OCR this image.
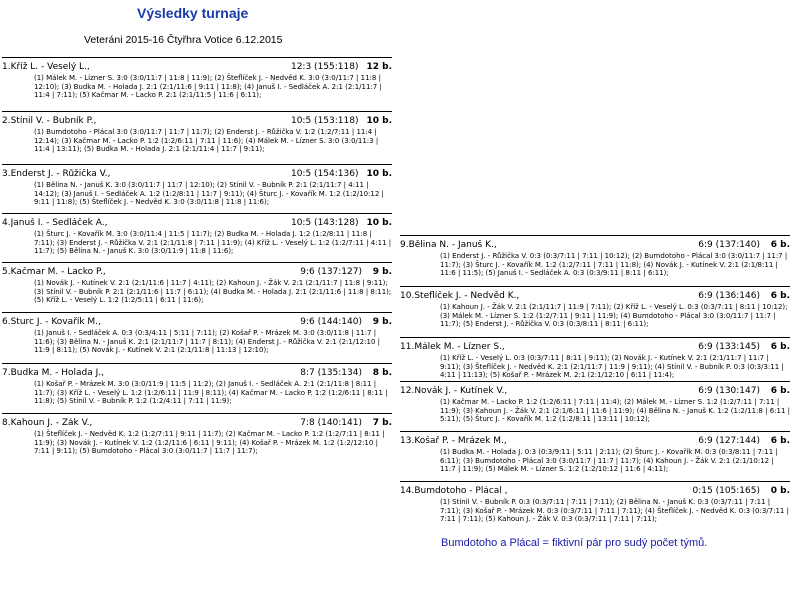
Výsledky turnaje

Veteráni 2015-16 Čtyřhra Votice 6.12.2015

1. Kříž L. - Veselý L.,	12:3 (155:118) 12 b.
(1) Málek M. - Lízner S. 3:0 (3:0/11:7 | 11:8 | 11:9); (2) Šteflíček J. - Nedvěd K. 3:0 (3:0/11:7 | 11:8 | 12:10); (3) Budka M. - Holada J. 2:1 (2:1/11:6 | 9:11 | 11:8); (4) Januš I. - Sedláček A. 2:1 (2:1/11:7 | 11:4 | 7:11); (5) Kačmar M. - Lacko P. 2:1 (2:1/11:5 | 11:6 | 6:11);
2. Stínil V. - Bubník P.,	10:5 (153:118) 10 b.
(1) Bumdotoho - Plácal 3:0 (3:0/11:7 | 11:7 | 11:7); (2) Enderst J. - Růžička V. 1:2 (1:2/7:11 | 11:4 | 12:14); (3) Kačmar M. - Lacko P. 1:2 (1:2/6:11 | 7:11 | 11:6); (4) Málek M. - Lízner S. 3:0 (3:0/11:3 | 11:4 | 13:11); (5) Budka M. - Holada J. 2:1 (2:1/11:4 | 11:7 | 9:11);
3. Enderst J. - Růžička V.,	10:5 (154:136) 10 b.
(1) Bělina N. - Januš K. 3:0 (3:0/11:7 | 11:7 | 12:10); (2) Stínil V. - Bubník P. 2:1 (2:1/11:7 | 4:11 | 14:12); (3) Januš I. - Sedláček A. 1:2 (1:2/8:11 | 11:7 | 9:11); (4) Šturc J. - Kovařík M. 1:2 (1:2/10:12 | 9:11 | 11:8); (5) Šteflíček J. - Nedvěd K. 3:0 (3:0/11:8 | 11:8 | 11:6);
4. Januš I. - Sedláček A.,	10:5 (143:128) 10 b.
(1) Šturc J. - Kovařík M. 3:0 (3:0/11:4 | 11:5 | 11:7); (2) Budka M. - Holada J. 1:2 (1:2/8:11 | 11:8 | 7:11); (3) Enderst J. - Růžička V. 2:1 (2:1/11:8 | 7:11 | 11:9); (4) Kříž L. - Veselý L. 1:2 (1:2/7:11 | 4:11 | 11:7); (5) Bělina N. - Januš K. 3:0 (3:0/11:9 | 11:8 | 11:6);
5. Kačmar M. - Lacko P.,	9:6 (137:127)	9 b.
(1) Novák J. - Kutínek V. 2:1 (2:1/11:6 | 11:7 | 4:11); (2) Kahoun J. - Žák V. 2:1 (2:1/11:7 | 11:8 | 9:11); (3) Stínil V. - Bubník P. 2:1 (2:1/11:6 | 11:7 | 6:11); (4) Budka M. - Holada J. 2:1 (2:1/11:6 | 11:8 | 8:11); (5) Kříž L. - Veselý L. 1:2 (1:2/5:11 | 6:11 | 11:6);
6. Šturc J. - Kovařík M.,	9:6 (144:140)	9 b.
(1) Januš I. - Sedláček A. 0:3 (0:3/4:11 | 5:11 | 7:11); (2) Košař P. - Mrázek M. 3:0 (3:0/11:8 | 11:7 | 11:6); (3) Bělina N. - Januš K. 2:1 (2:1/11:7 | 11:7 | 8:11); (4) Enderst J. - Růžička V. 2:1 (2:1/12:10 | 11:9 | 8:11); (5) Novák J. - Kutínek V. 2:1 (2:1/11:8 | 11:13 | 12:10);
7. Budka M. - Holada J.,	8:7 (135:134)	8 b.
(1) Košař P. - Mrázek M. 3:0 (3:0/11:9 | 11:5 | 11:2); (2) Januš I. - Sedláček A. 2:1 (2:1/11:8 | 8:11 | 11:7); (3) Kříž L. - Veselý L. 1:2 (1:2/6:11 | 11:9 | 8:11); (4) Kačmar M. - Lacko P. 1:2 (1:2/6:11 | 8:11 | 11:8); (5) Stínil V. - Bubník P. 1:2 (1:2/4:11 | 7:11 | 11:9);
8. Kahoun J. - Žák V.,	7:8 (140:141)	7 b.
(1) Šteflíček J. - Nedvěd K. 1:2 (1:2/7:11 | 9:11 | 11:7); (2) Kačmar M. - Lacko P. 1:2 (1:2/7:11 | 8:11 | 11:9); (3) Novák J. - Kutínek V. 1:2 (1:2/11:6 | 6:11 | 9:11); (4) Košař P. - Mrázek M. 1:2 (1:2/12:10 | 7:11 | 9:11); (5) Bumdotoho - Plácal 3:0 (3:0/11:7 | 11:7 | 11:7);
9. Bělina N. - Januš K.,	6:9 (137:140)	6 b.
(1) Enderst J. - Růžička V. 0:3 (0:3/7:11 | 7:11 | 10:12); (2) Bumdotoho - Plácal 3:0 (3:0/11:7 | 11:7 | 11:7); (3) Šturc J. - Kovařík M. 1:2 (1:2/7:11 | 7:11 | 11:8); (4) Novák J. - Kutínek V. 2:1 (2:1/8:11 | 11:6 | 11:5); (5) Januš I. - Sedláček A. 0:3 (0:3/9:11 | 8:11 | 6:11);
10. Šteflíček J. - Nedvěd K.,	6:9 (136:146)	6 b.
(1) Kahoun J. - Žák V. 2:1 (2:1/11:7 | 11:9 | 7:11); (2) Kříž L. - Veselý L. 0:3 (0:3/7:11 | 8:11 | 10:12); (3) Málek M. - Lízner S. 1:2 (1:2/7:11 | 9:11 | 11:9); (4) Bumdotoho - Plácal 3:0 (3:0/11:7 | 11:7 | 11:7); (5) Enderst J. - Růžička V. 0:3 (0:3/8:11 | 8:11 | 6:11);
11. Málek M. - Lízner S.,	6:9 (133:145)	6 b.
(1) Kříž L. - Veselý L. 0:3 (0:3/7:11 | 8:11 | 9:11); (2) Novák J. - Kutínek V. 2:1 (2:1/11:7 | 11:7 | 9:11); (3) Šteflíček J. - Nedvěd K. 2:1 (2:1/11:7 | 11:9 | 9:11); (4) Stínil V. - Bubník P. 0:3 (0:3/3:11 | 4:11 | 11:13); (5) Košař P. - Mrázek M. 2:1 (2:1/12:10 | 6:11 | 11:4);
12. Novák J. - Kutínek V.,	6:9 (130:147)	6 b.
(1) Kačmar M. - Lacko P. 1:2 (1:2/6:11 | 7:11 | 11:4); (2) Málek M. - Lízner S. 1:2 (1:2/7:11 | 7:11 | 11:9); (3) Kahoun J. - Žák V. 2:1 (2:1/6:11 | 11:6 | 11:9); (4) Bělina N. - Januš K. 1:2 (1:2/11:8 | 6:11 | 5:11); (5) Šturc J. - Kovařík M. 1:2 (1:2/8:11 | 13:11 | 10:12);
13. Košař P. - Mrázek M.,	6:9 (127:144)	6 b.
(1) Budka M. - Holada J. 0:3 (0:3/9:11 | 5:11 | 2:11); (2) Šturc J. - Kovařík M. 0:3 (0:3/8:11 | 7:11 | 6:11); (3) Bumdotoho - Plácal 3:0 (3:0/11:7 | 11:7 | 11:7); (4) Kahoun J. - Žák V. 2:1 (2:1/10:12 | 11:7 | 11:9); (5) Málek M. - Lízner S. 1:2 (1:2/10:12 | 11:6 | 4:11);
14. Bumdotoho - Plácal ,	0:15 (105:165)	0 b.
(1) Stínil V. - Bubník P. 0:3 (0:3/7:11 | 7:11 | 7:11); (2) Bělina N. - Januš K. 0:3 (0:3/7:11 | 7:11 | 7:11); (3) Košař P. - Mrázek M. 0:3 (0:3/7:11 | 7:11 | 7:11); (4) Šteflíček J. - Nedvěd K. 0:3 (0:3/7:11 | 7:11 | 7:11); (5) Kahoun J. - Žák V. 0:3 (0:3/7:11 | 7:11 | 7:11);

Bumdotoho a Plácal = fiktivní pár pro sudý počet týmů.
